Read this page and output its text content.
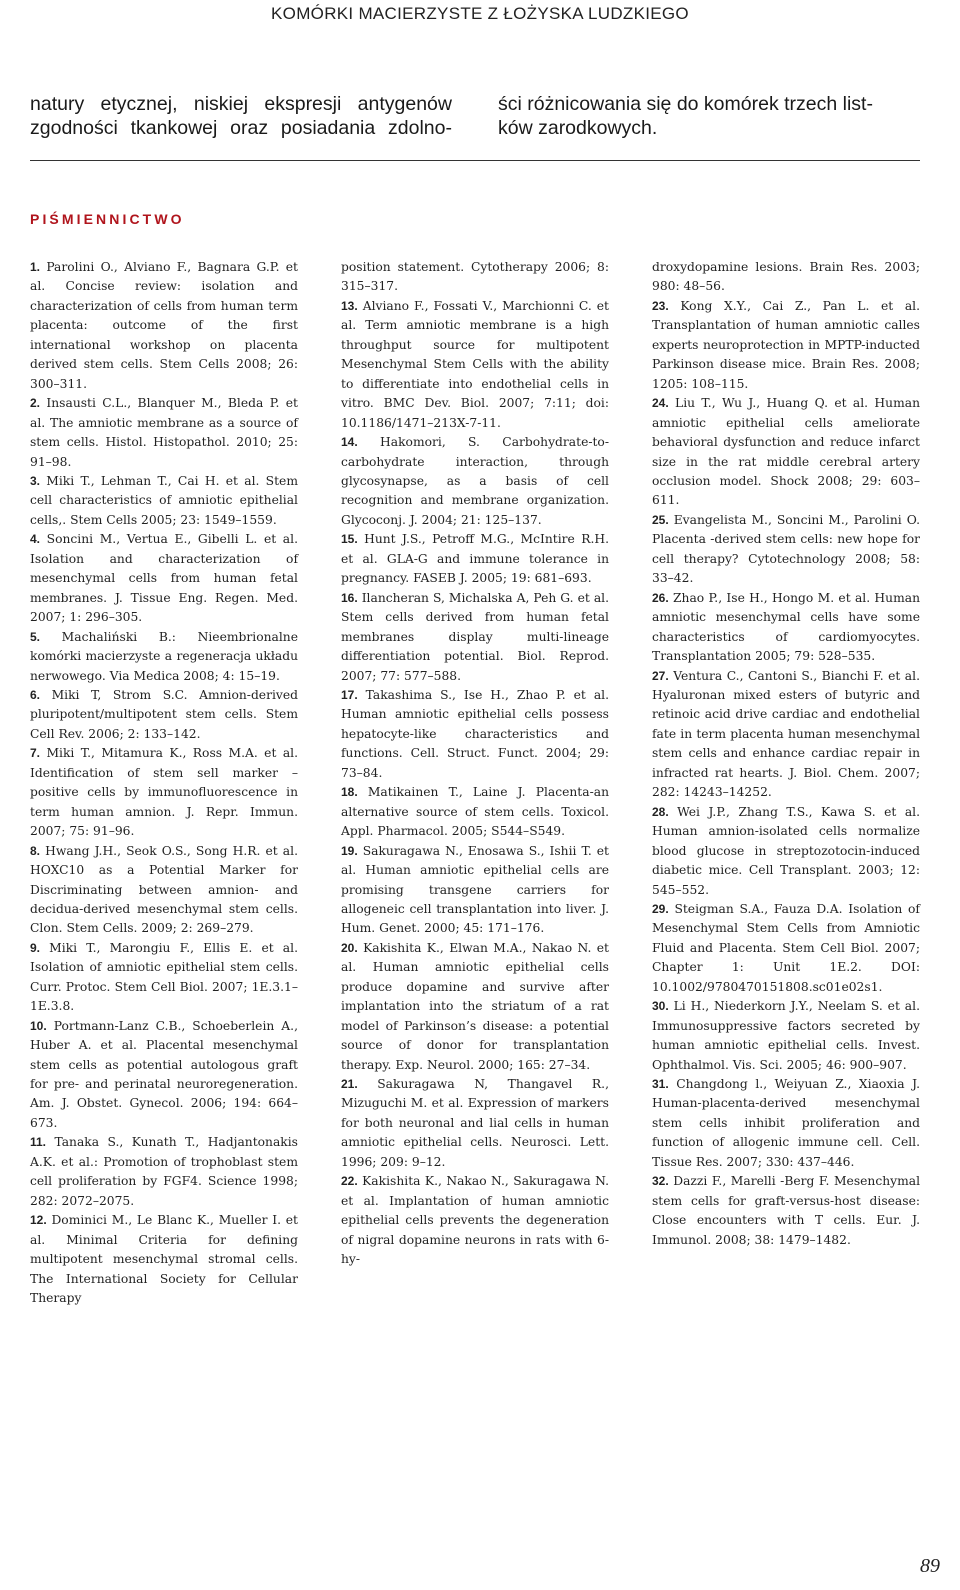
KOMÓRKI MACIERZYSTE Z ŁOŻYSKA LUDZKIEGO

natury etycznej, niskiej ekspresji antygenów

zgodności tkankowej oraz posiadania zdolno-

ści różnicowania się do komórek trzech list-

ków zarodkowych.

PIŚMIENNICTWO

1. Parolini O., Alviano F., Bagnara G.P. et al. Concise review: isolation and characterization of cells from human term placenta: outcome of the first international workshop on placenta derived stem cells. Stem Cells 2008; 26: 300–311.

2. Insausti C.L., Blanquer M., Bleda P. et al. The amniotic membrane as a source of stem cells. Histol. Histopathol. 2010; 25: 91–98.

3. Miki T., Lehman T., Cai H. et al. Stem cell characteristics of amniotic epithelial cells,. Stem Cells 2005; 23: 1549–1559.

4. Soncini M., Vertua E., Gibelli L. et al. Isolation and characterization of mesenchymal cells from human fetal membranes. J. Tissue Eng. Regen. Med. 2007; 1: 296–305.

5. Machaliński B.: Nieembrionalne komórki macierzyste a regeneracja układu nerwowego. Via Medica 2008; 4: 15–19.

6. Miki T, Strom S.C. Amnion-derived pluripotent/multipotent stem cells. Stem Cell Rev. 2006; 2: 133–142.

7. Miki T., Mitamura K., Ross M.A. et al. Identification of stem sell marker – positive cells by immunofluorescence in term human amnion. J. Repr. Immun. 2007; 75: 91–96.

8. Hwang J.H., Seok O.S., Song H.R. et al. HOXC10 as a Potential Marker for Discriminating between amnion- and decidua-derived mesenchymal stem cells. Clon. Stem Cells. 2009; 2: 269–279.

9. Miki T., Marongiu F., Ellis E. et al. Isolation of amniotic epithelial stem cells. Curr. Protoc. Stem Cell Biol. 2007; 1E.3.1–1E.3.8.

10. Portmann-Lanz C.B., Schoeberlein A., Huber A. et al. Placental mesenchymal stem cells as potential autologous graft for pre- and perinatal neuroregeneration. Am. J. Obstet. Gynecol. 2006; 194: 664–673.

11. Tanaka S., Kunath T., Hadjantonakis A.K. et al.: Promotion of trophoblast stem cell proliferation by FGF4. Science 1998; 282: 2072–2075.

12. Dominici M., Le Blanc K., Mueller I. et al. Minimal Criteria for defining multipotent mesenchymal stromal cells. The International Society for Cellular Therapy

position statement. Cytotherapy 2006; 8: 315–317.

13. Alviano F., Fossati V., Marchionni C. et al. Term amniotic membrane is a high throughput source for multipotent Mesenchymal Stem Cells with the ability to differentiate into endothelial cells in vitro. BMC Dev. Biol. 2007; 7:11; doi: 10.1186/1471–213X-7-11.

14. Hakomori, S. Carbohydrate-to-carbohydrate interaction, through glycosynapse, as a basis of cell recognition and membrane organization. Glycoconj. J. 2004; 21: 125–137.

15. Hunt J.S., Petroff M.G., McIntire R.H. et al. GLA-G and immune tolerance in pregnancy. FASEB J. 2005; 19: 681–693.

16. Ilancheran S, Michalska A, Peh G. et al. Stem cells derived from human fetal membranes display multi-lineage differentiation potential. Biol. Reprod. 2007; 77: 577–588.

17. Takashima S., Ise H., Zhao P. et al. Human amniotic epithelial cells possess hepatocyte-like characteristics and functions. Cell. Struct. Funct. 2004; 29: 73–84.

18. Matikainen T., Laine J. Placenta-an alternative source of stem cells. Toxicol. Appl. Pharmacol. 2005; S544–S549.

19. Sakuragawa N., Enosawa S., Ishii T. et al. Human amniotic epithelial cells are promising transgene carriers for allogeneic cell transplantation into liver. J. Hum. Genet. 2000; 45: 171–176.

20. Kakishita K., Elwan M.A., Nakao N. et al. Human amniotic epithelial cells produce dopamine and survive after implantation into the striatum of a rat model of Parkinson’s disease: a potential source of donor for transplantation therapy. Exp. Neurol. 2000; 165: 27–34.

21. Sakuragawa N, Thangavel R., Mizuguchi M. et al. Expression of markers for both neuronal and lial cells in human amniotic epithelial cells. Neurosci. Lett. 1996; 209: 9–12.

22. Kakishita K., Nakao N., Sakuragawa N. et al. Implantation of human amniotic epithelial cells prevents the degeneration of nigral dopamine neurons in rats with 6-hy-

droxydopamine lesions. Brain Res. 2003; 980: 48–56.

23. Kong X.Y., Cai Z., Pan L. et al. Transplantation of human amniotic calles experts neuroprotection in MPTP-inducted Parkinson disease mice. Brain Res. 2008; 1205: 108–115.

24. Liu T., Wu J., Huang Q. et al. Human amniotic epithelial cells ameliorate behavioral dysfunction and reduce infarct size in the rat middle cerebral artery occlusion model. Shock 2008; 29: 603–611.

25. Evangelista M., Soncini M., Parolini O. Placenta -derived stem cells: new hope for cell therapy? Cytotechnology 2008; 58: 33–42.

26. Zhao P., Ise H., Hongo M. et al. Human amniotic mesenchymal cells have some characteristics of cardiomyocytes. Transplantation 2005; 79: 528–535.

27. Ventura C., Cantoni S., Bianchi F. et al. Hyaluronan mixed esters of butyric and retinoic acid drive cardiac and endothelial fate in term placenta human mesenchymal stem cells and enhance cardiac repair in infracted rat hearts. J. Biol. Chem. 2007; 282: 14243–14252.

28. Wei J.P., Zhang T.S., Kawa S. et al. Human amnion-isolated cells normalize blood glucose in streptozotocin-induced diabetic mice. Cell Transplant. 2003; 12: 545–552.

29. Steigman S.A., Fauza D.A. Isolation of Mesenchymal Stem Cells from Amniotic Fluid and Placenta. Stem Cell Biol. 2007; Chapter 1: Unit 1E.2. DOI: 10.1002/9780470151808.sc01e02s1.

30. Li H., Niederkorn J.Y., Neelam S. et al. Immunosuppressive factors secreted by human amniotic epithelial cells. Invest. Ophthalmol. Vis. Sci. 2005; 46: 900–907.

31. Changdong l., Weiyuan Z., Xiaoxia J. Human-placenta-derived mesenchymal stem cells inhibit proliferation and function of allogenic immune cell. Cell. Tissue Res. 2007; 330: 437–446.

32. Dazzi F., Marelli -Berg F. Mesenchymal stem cells for graft-versus-host disease: Close encounters with T cells. Eur. J. Immunol. 2008; 38: 1479–1482.

89
